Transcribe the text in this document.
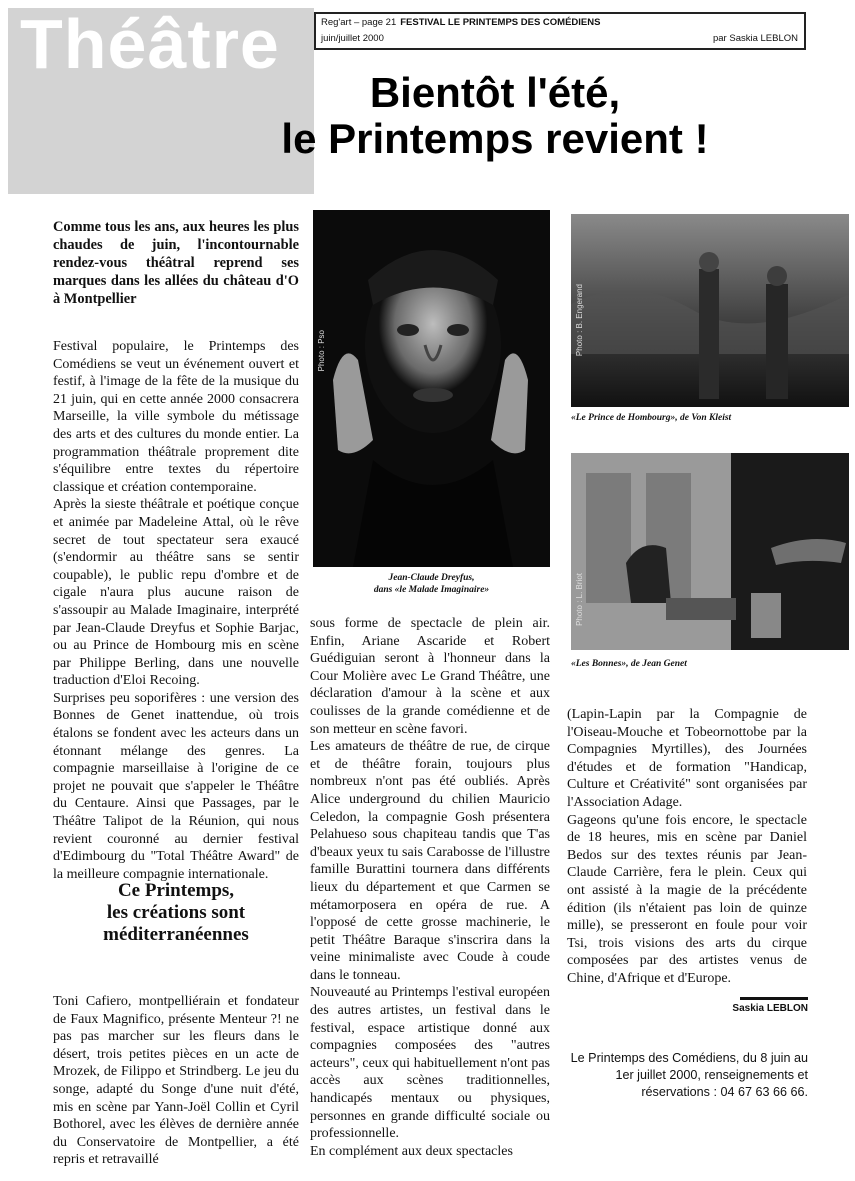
Théâtre	Reg'art – page 21 FESTIVAL LE PRINTEMPS DES COMÉDIENS
juin/juillet 2000	par Saskia LEBLON
Bientôt l'été,
le Printemps revient !
Comme tous les ans, aux heures les plus chaudes de juin, l'incontournable rendez-vous théâtral reprend ses marques dans les allées du château d'O à Montpellier
Photo : Pso
Jean-Claude Dreyfus,
dans «le Malade Imaginaire»
Photo : B. Engerand
«Le Prince de Hombourg», de Von Kleist
Photo : L. Briot
«Les Bonnes», de Jean Genet

Festival populaire, le Printemps des Comédiens se veut un événement ouvert et festif, à l'image de la fête de la musique du 21 juin, qui en cette année 2000 consacrera Marseille, la ville symbole du métissage des arts et des cultures du monde entier. La programmation théâtrale proprement dite s'équilibre entre textes du répertoire classique et création contemporaine.

Après la sieste théâtrale et poétique conçue et animée par Madeleine Attal, où le rêve secret de tout spectateur sera exaucé (s'endormir au théâtre sans se sentir coupable), le public repu d'ombre et de cigale n'aura plus aucune raison de s'assoupir au Malade Imaginaire, interprété par Jean-Claude Dreyfus et Sophie Barjac, ou au Prince de Hombourg mis en scène par Philippe Berling, dans une nouvelle traduction d'Eloi Recoing.

Surprises peu soporifères : une version des Bonnes de Genet inattendue, où trois étalons se fondent avec les acteurs dans un étonnant mélange des genres. La compagnie marseillaise à l'origine de ce projet ne pouvait que s'appeler le Théâtre du Centaure. Ainsi que Passages, par le Théâtre Talipot de la Réunion, qui nous revient couronné au dernier festival d'Edimbourg du "Total Théâtre Award" de la meilleure compagnie internationale.

Ce Printemps,
les créations sont
méditerranéennes

Toni Cafiero, montpelliérain et fondateur de Faux Magnifico, présente Menteur ?! ne pas pas marcher sur les fleurs dans le désert, trois petites pièces en un acte de Mrozek, de Filippo et Strindberg. Le jeu du songe, adapté du Songe d'une nuit d'été, mis en scène par Yann-Joël Collin et Cyril Bothorel, avec les élèves de dernière année du Conservatoire de Montpellier, a été repris et retravaillé

sous forme de spectacle de plein air. Enfin, Ariane Ascaride et Robert Guédiguian seront à l'honneur dans la Cour Molière avec Le Grand Théâtre, une déclaration d'amour à la scène et aux coulisses de la grande comédienne et de son metteur en scène favori.

Les amateurs de théâtre de rue, de cirque et de théâtre forain, toujours plus nombreux n'ont pas été oubliés. Après Alice underground du chilien Mauricio Celedon, la compagnie Gosh présentera Pelahueso sous chapiteau tandis que T'as d'beaux yeux tu sais Carabosse de l'illustre famille Burattini tournera dans différents lieux du département et que Carmen se métamorposera en opéra de rue. A l'opposé de cette grosse machinerie, le petit Théâtre Baraque s'inscrira dans la veine minimaliste avec Coude à coude dans le tonneau.

Nouveauté au Printemps l'estival européen des autres artistes, un festival dans le festival, espace artistique donné aux compagnies composées des "autres acteurs", ceux qui habituellement n'ont pas accès aux scènes traditionnelles, handicapés mentaux ou physiques, personnes en grande difficulté sociale ou professionnelle.

En complément aux deux spectacles

(Lapin-Lapin par la Compagnie de l'Oiseau-Mouche et Tobeornottobe par la Compagnies Myrtilles), des Journées d'études et de formation "Handicap, Culture et Créativité" sont organisées par l'Association Adage.

Gageons qu'une fois encore, le spectacle de 18 heures, mis en scène par Daniel Bedos sur des textes réunis par Jean-Claude Carrière, fera le plein. Ceux qui ont assisté à la magie de la précédente édition (ils n'étaient pas loin de quinze mille), se presseront en foule pour voir Tsi, trois visions des arts du cirque composées par des artistes venus de Chine, d'Afrique et d'Europe.

Saskia LEBLON
Le Printemps des Comédiens, du 8 juin au
1er juillet 2000, renseignements et
réservations : 04 67 63 66 66.
